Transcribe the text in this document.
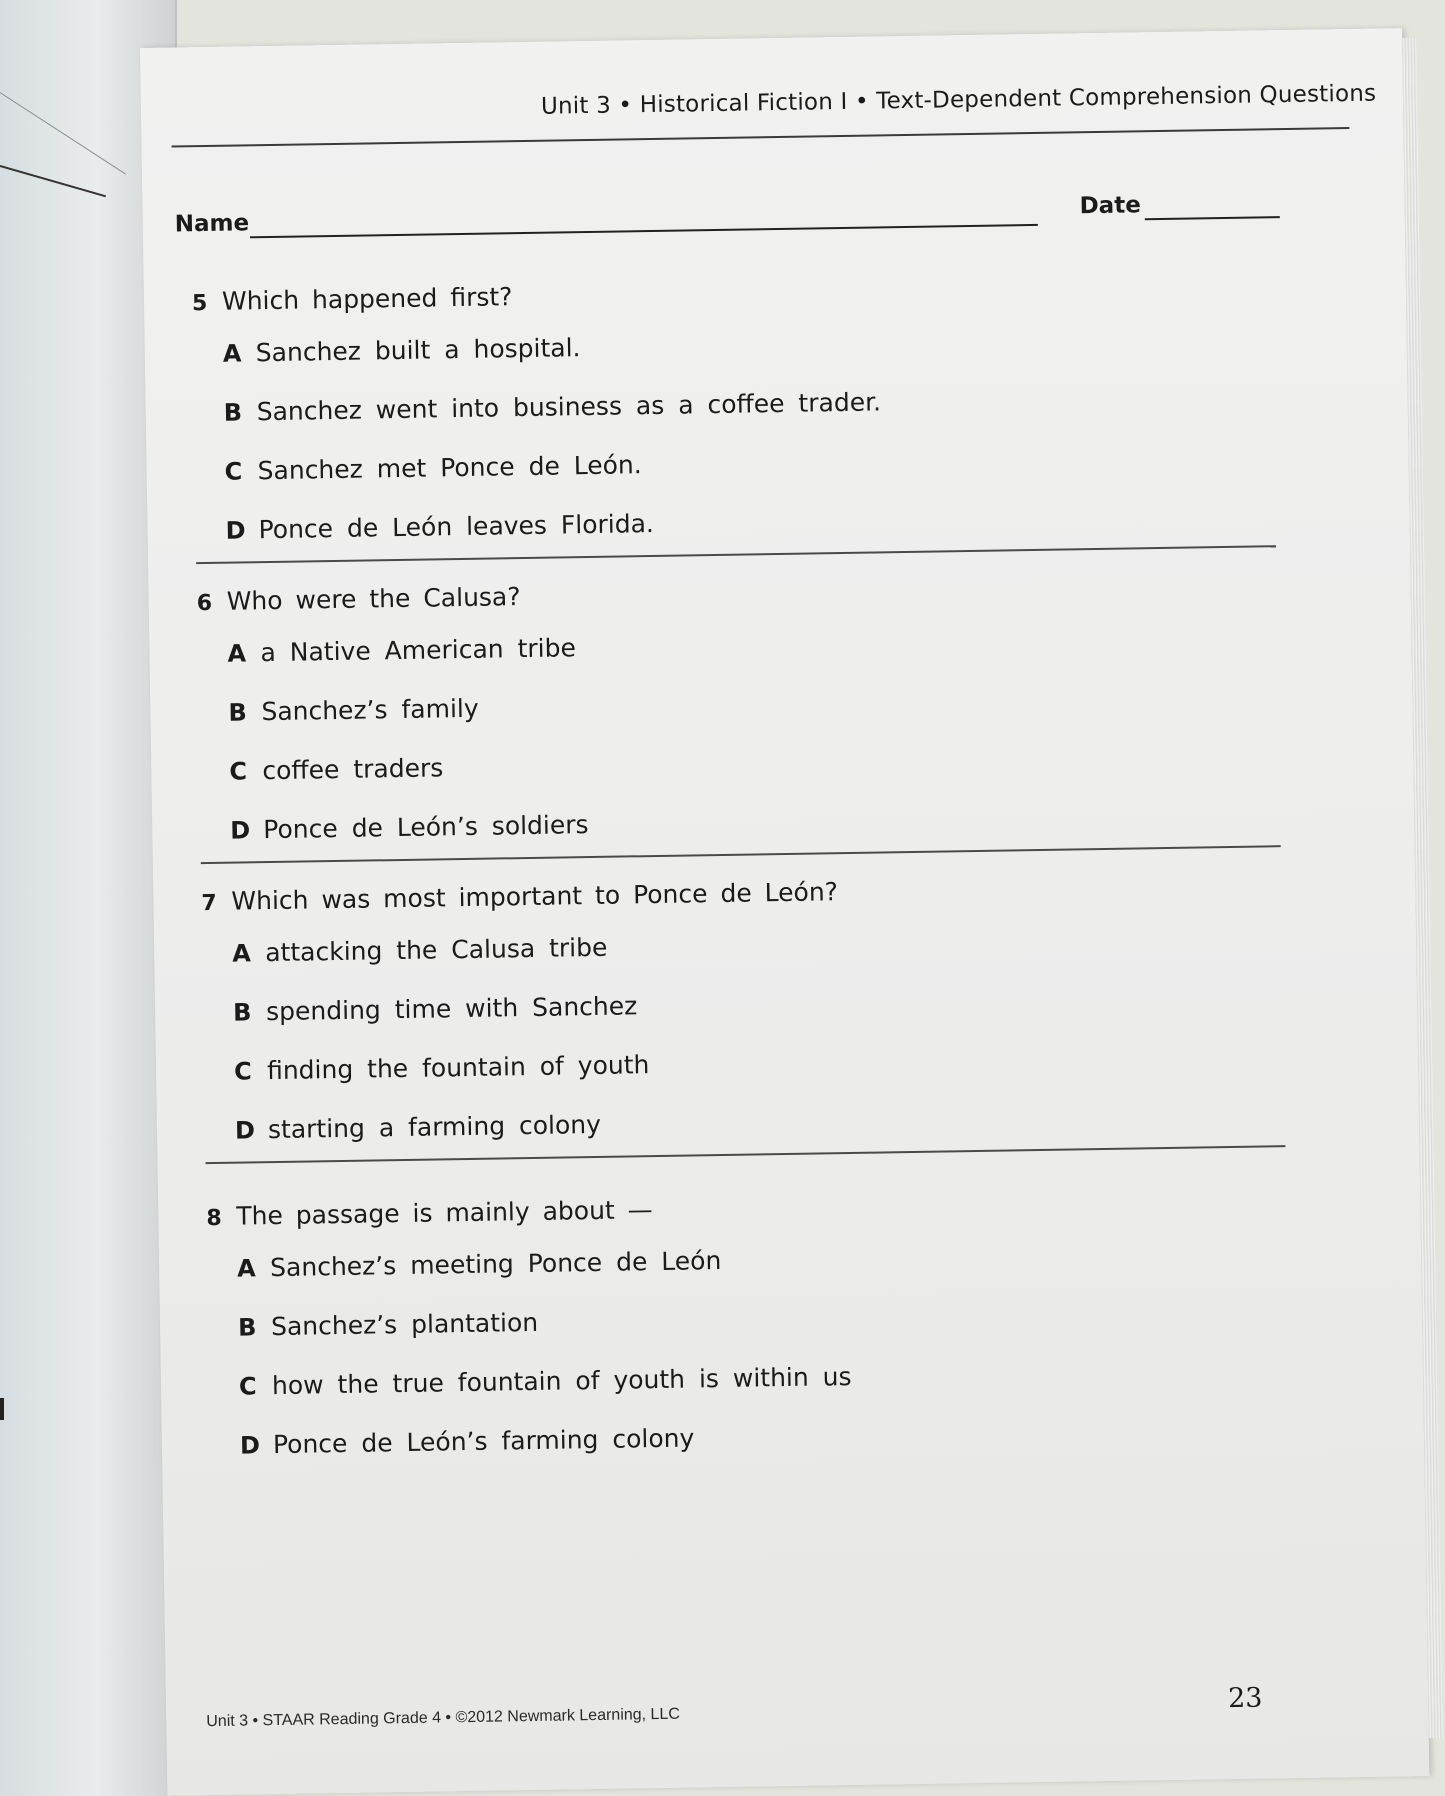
Unit 3 • Historical Fiction I • Text-Dependent Comprehension Questions
Name
Date
5 Which happened first?
A Sanchez built a hospital.
B Sanchez went into business as a coffee trader.
C Sanchez met Ponce de León.
D Ponce de León leaves Florida.
6 Who were the Calusa?
A a Native American tribe
B Sanchez’s family
C coffee traders
D Ponce de León’s soldiers
7 Which was most important to Ponce de León?
A attacking the Calusa tribe
B spending time with Sanchez
C finding the fountain of youth
D starting a farming colony
8 The passage is mainly about —
A Sanchez’s meeting Ponce de León
B Sanchez’s plantation
C how the true fountain of youth is within us
D Ponce de León’s farming colony
Unit 3 • STAAR Reading Grade 4 • ©2012 Newmark Learning, LLC
23
